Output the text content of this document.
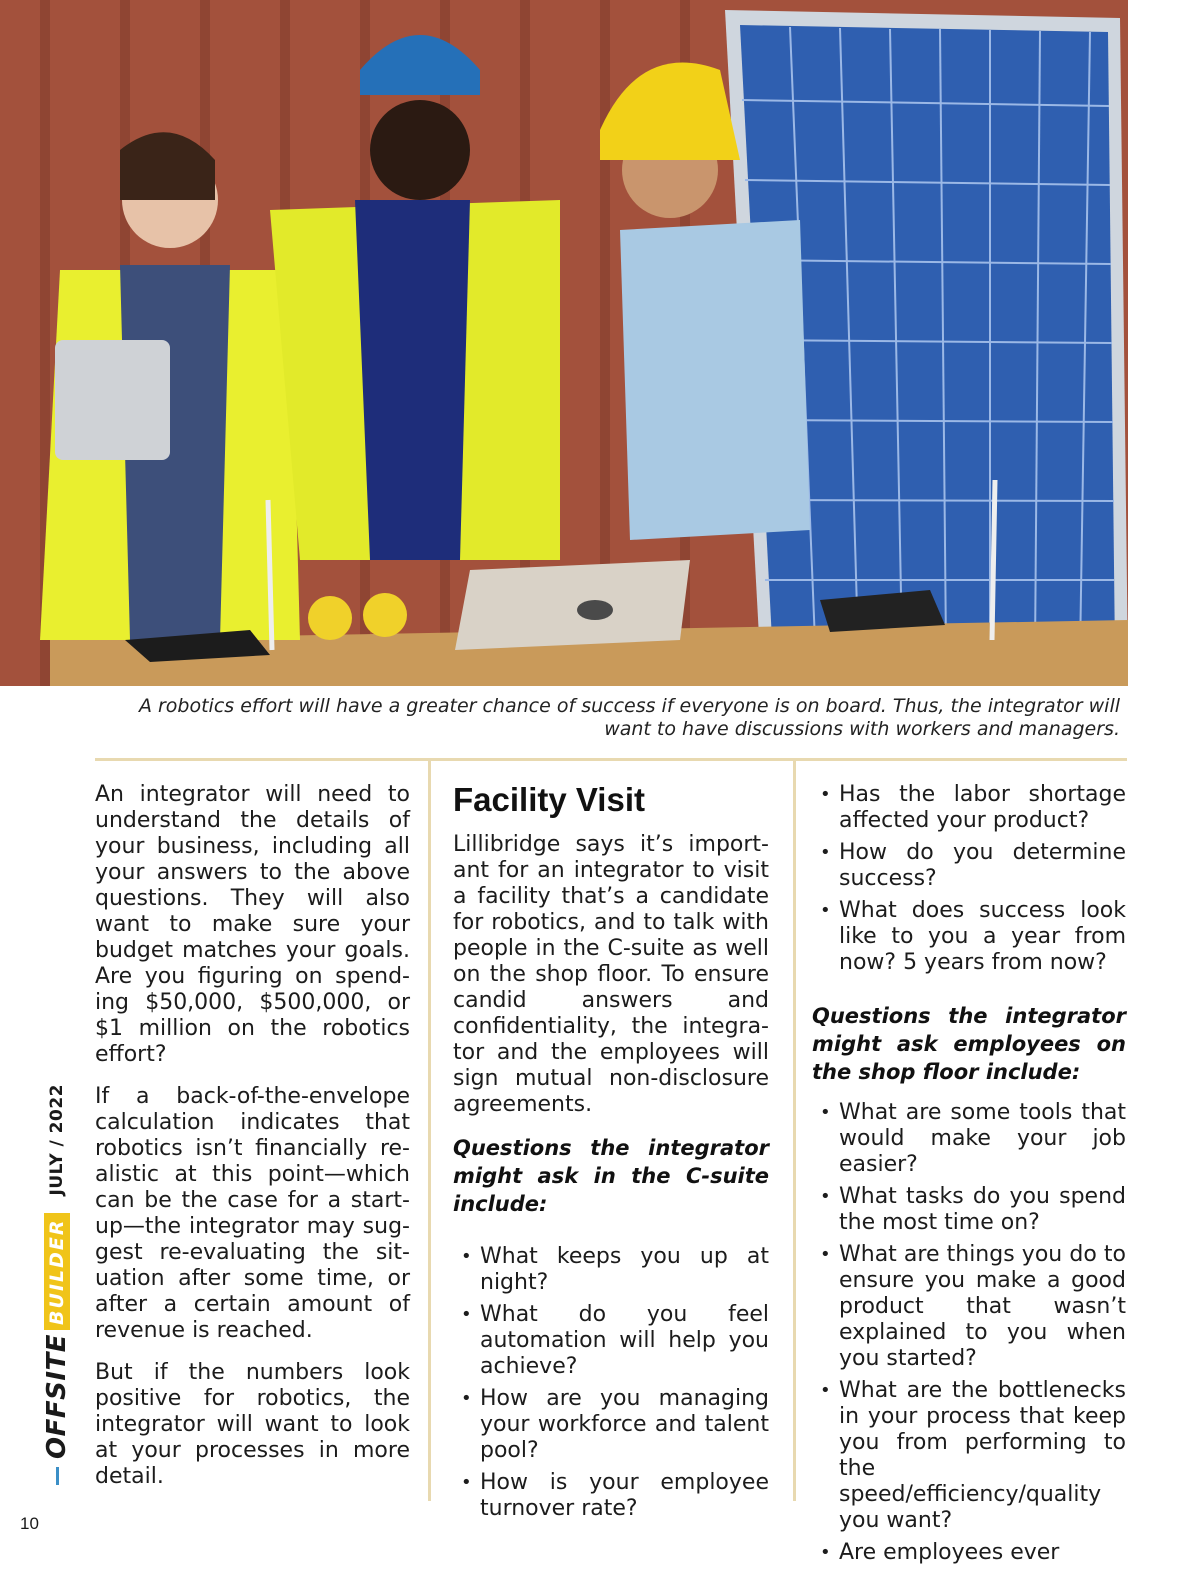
A robotics effort will have a greater chance of success if everyone is on board. Thus, the integrator will
want to have discussions with workers and managers.

An integrator will need to understand the details of your business, including all your answers to the above questions. They will also want to make sure your budget matches your goals. Are you figuring on spend-ing $50,000, $500,000, or $1 million on the robotics effort?

If a back-of-the-envelope calculation indicates that robotics isn’t financially re-alistic at this point—which can be the case for a start-up—the integrator may sug-gest re-evaluating the sit-uation after some time, or after a certain amount of revenue is reached.

But if the numbers look positive for robotics, the integrator will want to look at your processes in more detail.

Facility Visit

Lillibridge says it’s import-ant for an integrator to visit a facility that’s a candidate for robotics, and to talk with people in the C-suite as well on the shop floor. To ensure candid answers and confidentiality, the integra-tor and the employees will sign mutual non-disclosure agreements.

Questions the integrator might ask in the C-suite include:
• What keeps you up at night?
• What do you feel automation will help you achieve?
• How are you managing your workforce and talent pool?
• How is your employee turnover rate?
• Has the labor shortage affected your product?
• How do you determine success?
• What does success look like to you a year from now? 5 years from now?
Questions the integrator might ask employees on the shop floor include:
• What are some tools that would make your job easier?
• What tasks do you spend the most time on?
• What are things you do to ensure you make a good product that wasn’t explained to you when you started?
• What are the bottlenecks in your process that keep you from performing to the speed/efficiency/quality you want?
• Are employees ever
OFFSITE
BUILDER
JULY / 2022
10
